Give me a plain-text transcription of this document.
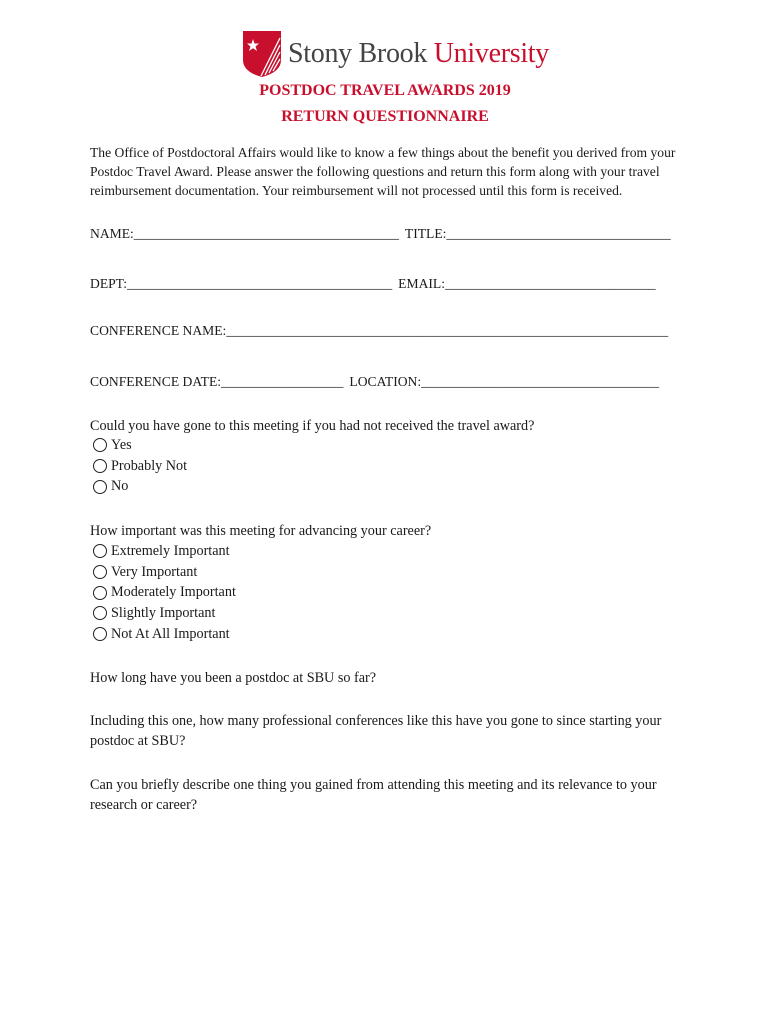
Stony Brook University
POSTDOC TRAVEL AWARDS 2019
RETURN QUESTIONNAIRE
The Office of Postdoctoral Affairs would like to know a few things about the benefit you derived from your Postdoc Travel Award. Please answer the following questions and return this form along with your travel reimbursement documentation. Your reimbursement will not processed until this form is received.
NAME:_______________________________________ TITLE:_________________________________
DEPT:_______________________________________ EMAIL:_______________________________
CONFERENCE NAME:_________________________________________________________________
CONFERENCE DATE:__________________ LOCATION:___________________________________
Could you have gone to this meeting if you had not received the travel award?
Yes
Probably Not
No
How important was this meeting for advancing your career?
Extremely Important
Very Important
Moderately Important
Slightly Important
Not At All Important
How long have you been a postdoc at SBU so far?
Including this one, how many professional conferences like this have you gone to since starting your postdoc at SBU?
Can you briefly describe one thing you gained from attending this meeting and its relevance to your research or career?
